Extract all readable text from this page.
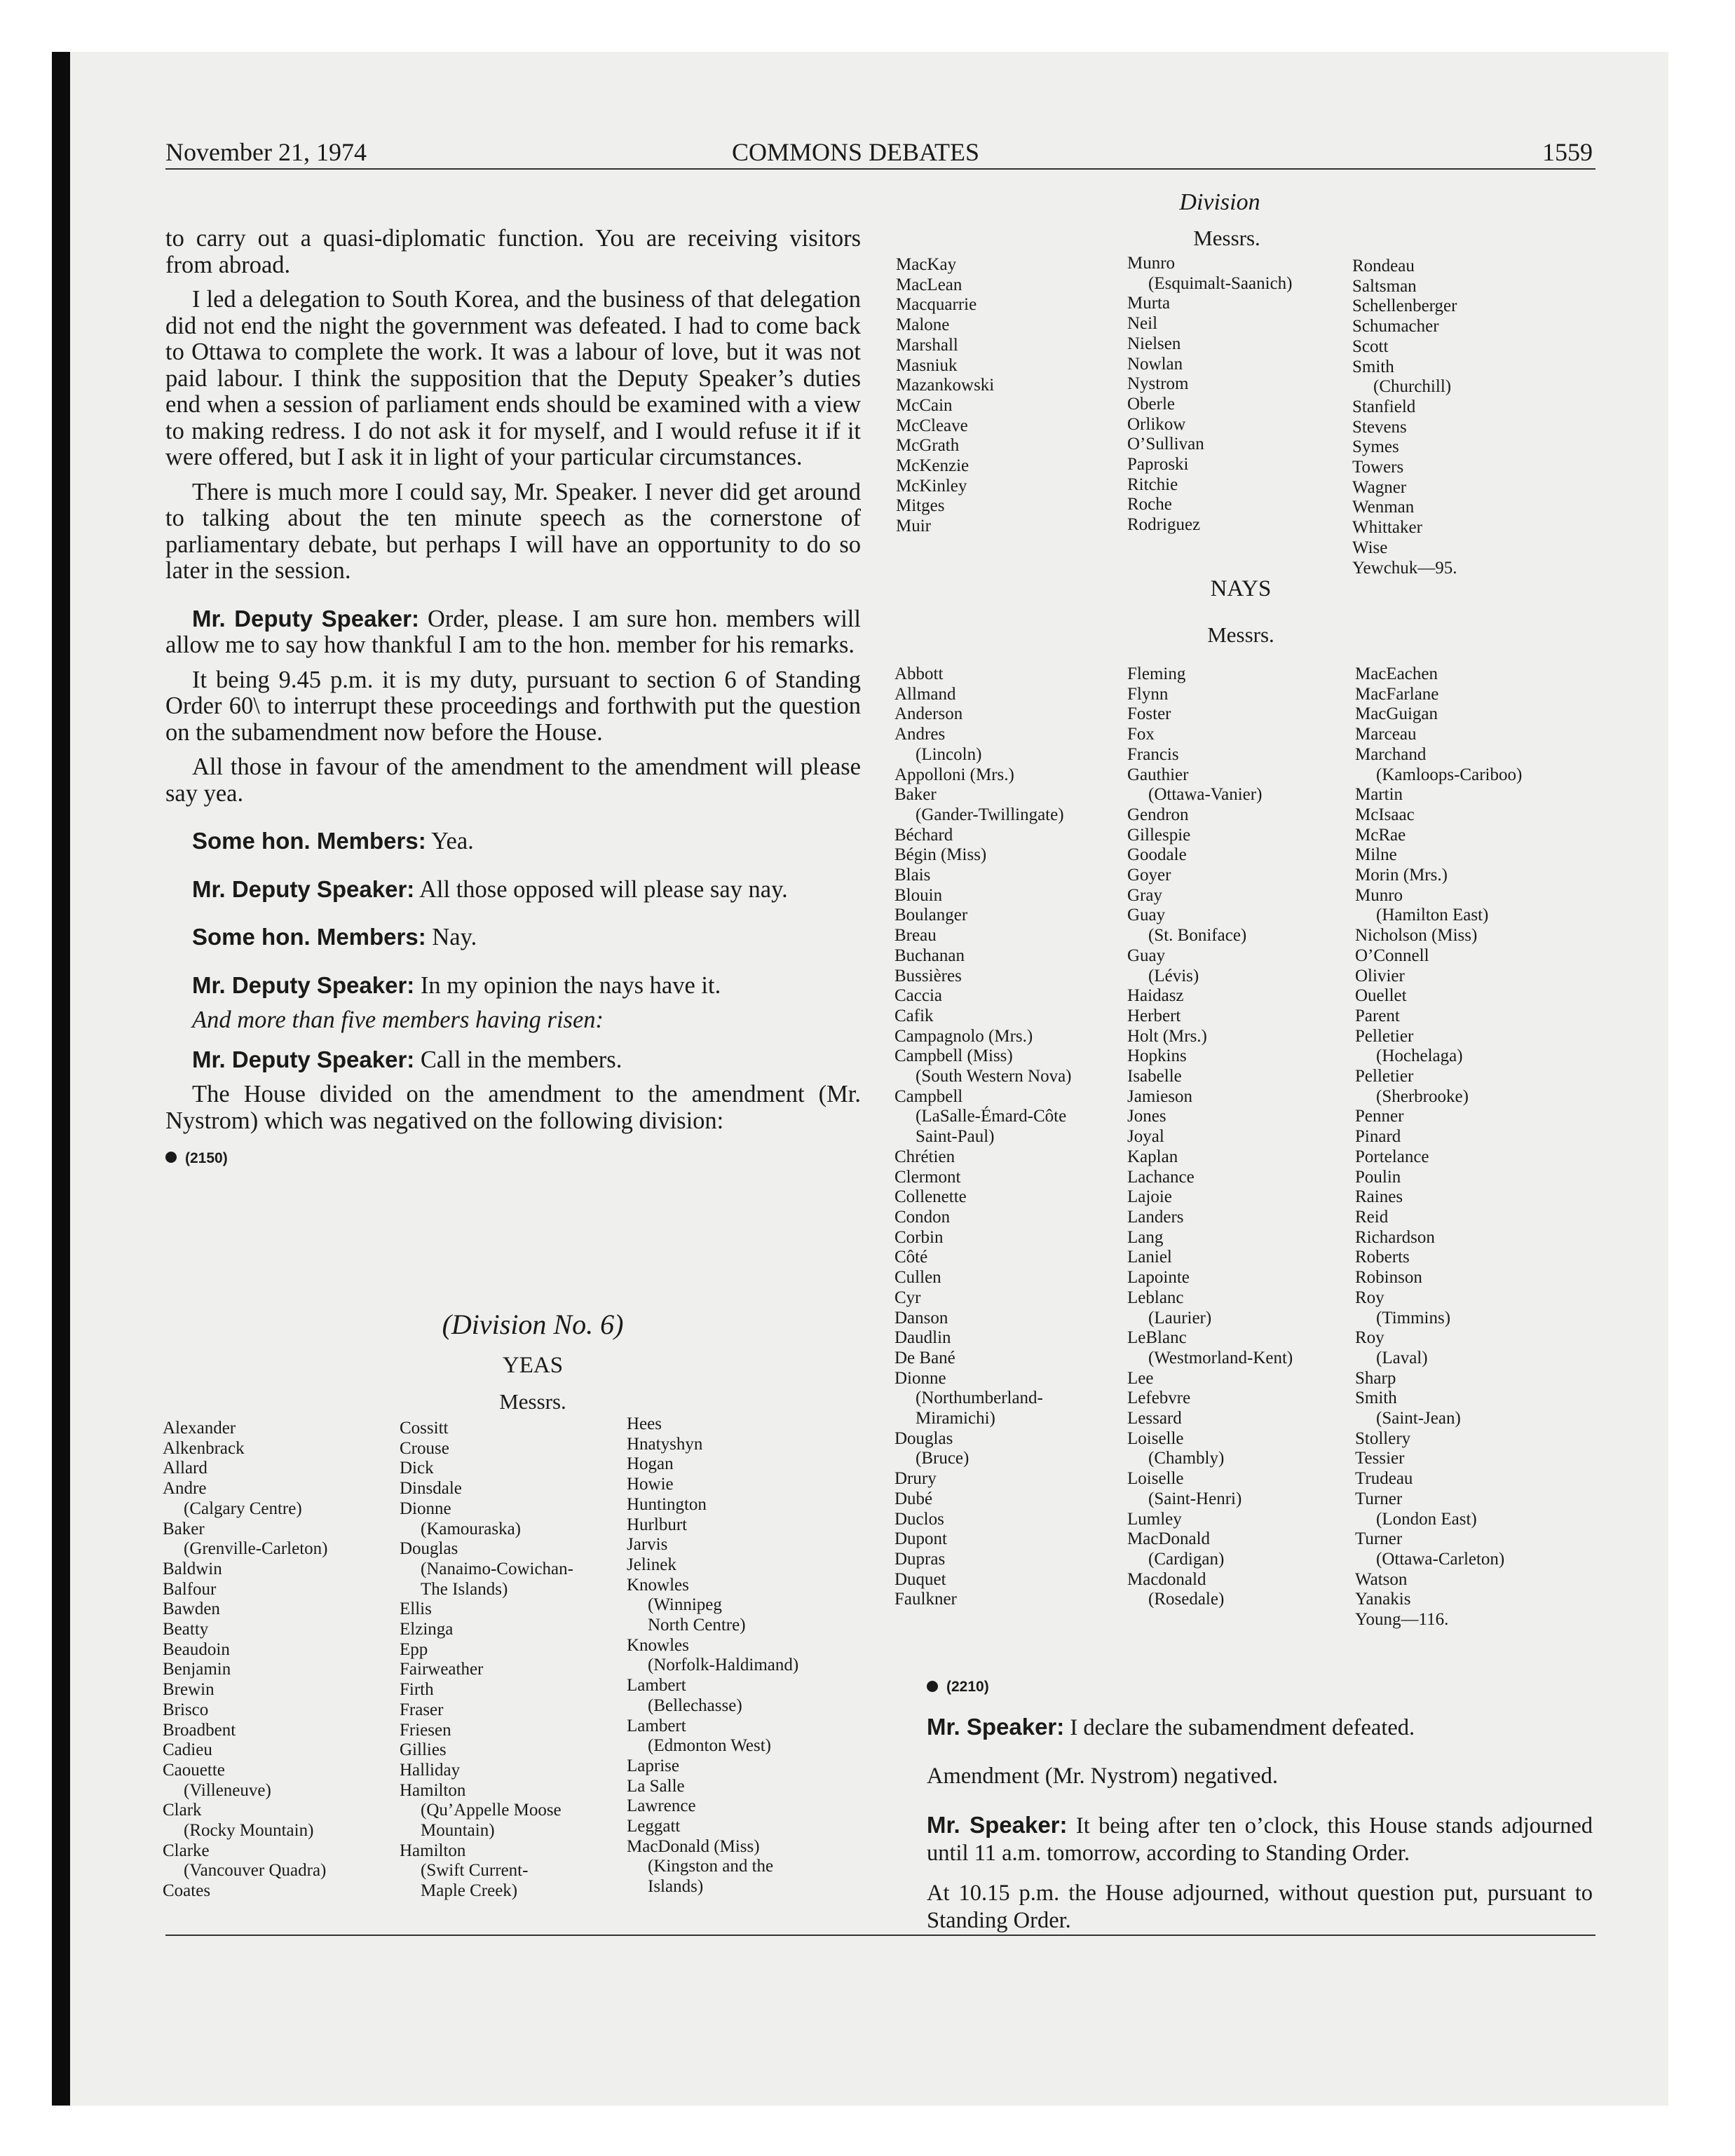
November 21, 1974	COMMONS DEBATES	1559

to carry out a quasi-diplomatic function. You are receiving visitors from abroad.

I led a delegation to South Korea, and the business of that delegation did not end the night the government was defeated. I had to come back to Ottawa to complete the work. It was a labour of love, but it was not paid labour. I think the supposition that the Deputy Speaker’s duties end when a session of parliament ends should be examined with a view to making redress. I do not ask it for myself, and I would refuse it if it were offered, but I ask it in light of your particular circumstances.

There is much more I could say, Mr. Speaker. I never did get around to talking about the ten minute speech as the cornerstone of parliamentary debate, but perhaps I will have an opportunity to do so later in the session.

Mr. Deputy Speaker: Order, please. I am sure hon. members will allow me to say how thankful I am to the hon. member for his remarks.

It being 9.45 p.m. it is my duty, pursuant to section 6 of Standing Order 60\ to interrupt these proceedings and forthwith put the question on the subamendment now before the House.

All those in favour of the amendment to the amendment will please say yea.

Some hon. Members: Yea.

Mr. Deputy Speaker: All those opposed will please say nay.

Some hon. Members: Nay.

Mr. Deputy Speaker: In my opinion the nays have it.

And more than five members having risen:

Mr. Deputy Speaker: Call in the members.

The House divided on the amendment to the amendment (Mr. Nystrom) which was negatived on the following division:

(2150)

(Division No. 6)
YEAS
Messrs.
Alexander
Alkenbrack
Allard
Andre
(Calgary Centre)
Baker
(Grenville-Carleton)
Baldwin
Balfour
Bawden
Beatty
Beaudoin
Benjamin
Brewin
Brisco
Broadbent
Cadieu
Caouette
(Villeneuve)
Clark
(Rocky Mountain)
Clarke
(Vancouver Quadra)
Coates
Cossitt
Crouse
Dick
Dinsdale
Dionne
(Kamouraska)
Douglas
(Nanaimo-Cowichan-
The Islands)
Ellis
Elzinga
Epp
Fairweather
Firth
Fraser
Friesen
Gillies
Halliday
Hamilton
(Qu’Appelle Moose
Mountain)
Hamilton
(Swift Current-
Maple Creek)
Hees
Hnatyshyn
Hogan
Howie
Huntington
Hurlburt
Jarvis
Jelinek
Knowles
(Winnipeg
North Centre)
Knowles
(Norfolk-Haldimand)
Lambert
(Bellechasse)
Lambert
(Edmonton West)
Laprise
La Salle
Lawrence
Leggatt
MacDonald (Miss)
(Kingston and the
Islands)
Division
Messrs.
MacKay
MacLean
Macquarrie
Malone
Marshall
Masniuk
Mazankowski
McCain
McCleave
McGrath
McKenzie
McKinley
Mitges
Muir
Munro
(Esquimalt-Saanich)
Murta
Neil
Nielsen
Nowlan
Nystrom
Oberle
Orlikow
O’Sullivan
Paproski
Ritchie
Roche
Rodriguez
Rondeau
Saltsman
Schellenberger
Schumacher
Scott
Smith
(Churchill)
Stanfield
Stevens
Symes
Towers
Wagner
Wenman
Whittaker
Wise
Yewchuk—95.
NAYS
Messrs.
Abbott
Allmand
Anderson
Andres
(Lincoln)
Appolloni (Mrs.)
Baker
(Gander-Twillingate)
Béchard
Bégin (Miss)
Blais
Blouin
Boulanger
Breau
Buchanan
Bussières
Caccia
Cafik
Campagnolo (Mrs.)
Campbell (Miss)
(South Western Nova)
Campbell
(LaSalle-Émard-Côte
Saint-Paul)
Chrétien
Clermont
Collenette
Condon
Corbin
Côté
Cullen
Cyr
Danson
Daudlin
De Bané
Dionne
(Northumberland-
Miramichi)
Douglas
(Bruce)
Drury
Dubé
Duclos
Dupont
Dupras
Duquet
Faulkner
Fleming
Flynn
Foster
Fox
Francis
Gauthier
(Ottawa-Vanier)
Gendron
Gillespie
Goodale
Goyer
Gray
Guay
(St. Boniface)
Guay
(Lévis)
Haidasz
Herbert
Holt (Mrs.)
Hopkins
Isabelle
Jamieson
Jones
Joyal
Kaplan
Lachance
Lajoie
Landers
Lang
Laniel
Lapointe
Leblanc
(Laurier)
LeBlanc
(Westmorland-Kent)
Lee
Lefebvre
Lessard
Loiselle
(Chambly)
Loiselle
(Saint-Henri)
Lumley
MacDonald
(Cardigan)
Macdonald
(Rosedale)
MacEachen
MacFarlane
MacGuigan
Marceau
Marchand
(Kamloops-Cariboo)
Martin
McIsaac
McRae
Milne
Morin (Mrs.)
Munro
(Hamilton East)
Nicholson (Miss)
O’Connell
Olivier
Ouellet
Parent
Pelletier
(Hochelaga)
Pelletier
(Sherbrooke)
Penner
Pinard
Portelance
Poulin
Raines
Reid
Richardson
Roberts
Robinson
Roy
(Timmins)
Roy
(Laval)
Sharp
Smith
(Saint-Jean)
Stollery
Tessier
Trudeau
Turner
(London East)
Turner
(Ottawa-Carleton)
Watson
Yanakis
Young—116.

(2210)

Mr. Speaker: I declare the subamendment defeated.

Amendment (Mr. Nystrom) negatived.

Mr. Speaker: It being after ten o’clock, this House stands adjourned until 11 a.m. tomorrow, according to Standing Order.

At 10.15 p.m. the House adjourned, without question put, pursuant to Standing Order.
